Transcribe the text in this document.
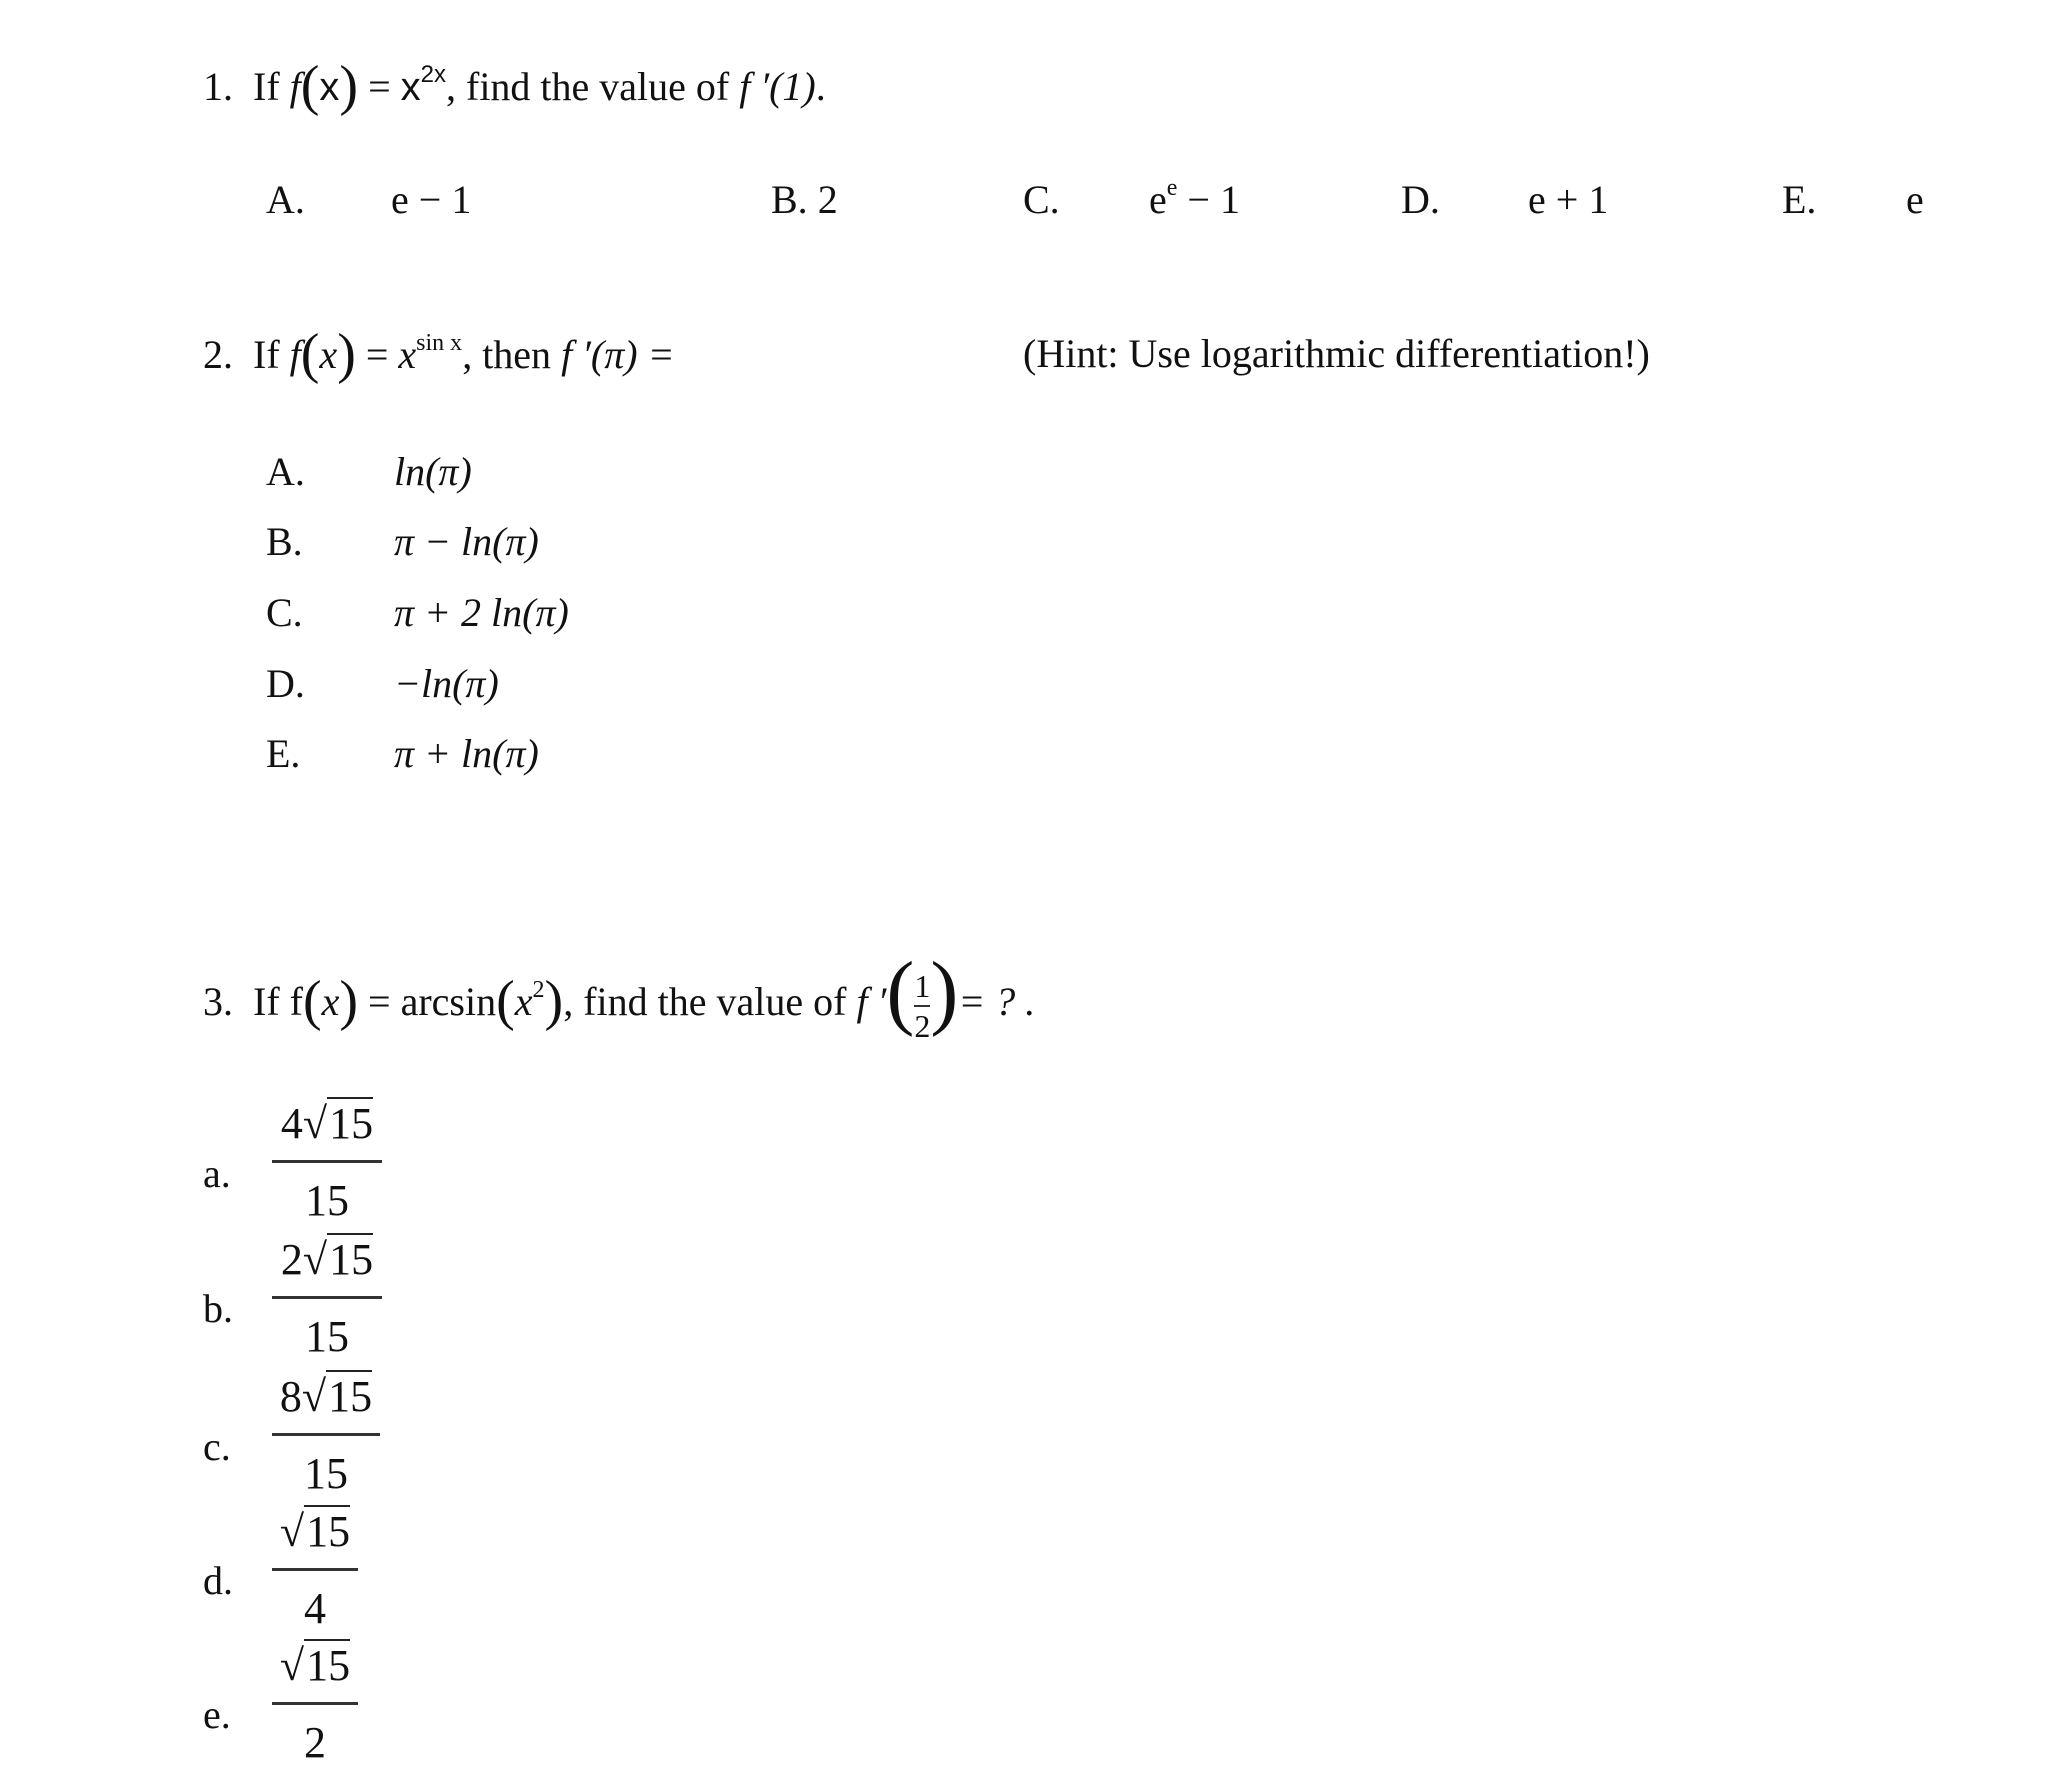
1. If $f(x) = x^{2x}$, find the value of f ′(1).
A. e − 1	B. 2	C. $e^e - 1$	D. e + 1	E. e
2. If $f(x) = x^{sin x}$, then f ′(π) =	(Hint: Use logarithmic differentiation!)
A. ln(π)
B. π − ln(π)
C. π + 2 ln(π)
D. −ln(π)
E. π + ln(π)
3. If $f(x) = \arcsin(x^2)$, find the value of f ′( $\frac{1}{2}$ )= ? .
a.
4√15
15
b.
2√15
15
c.
8√15
15
d.
√15
4
e.
√15
2
